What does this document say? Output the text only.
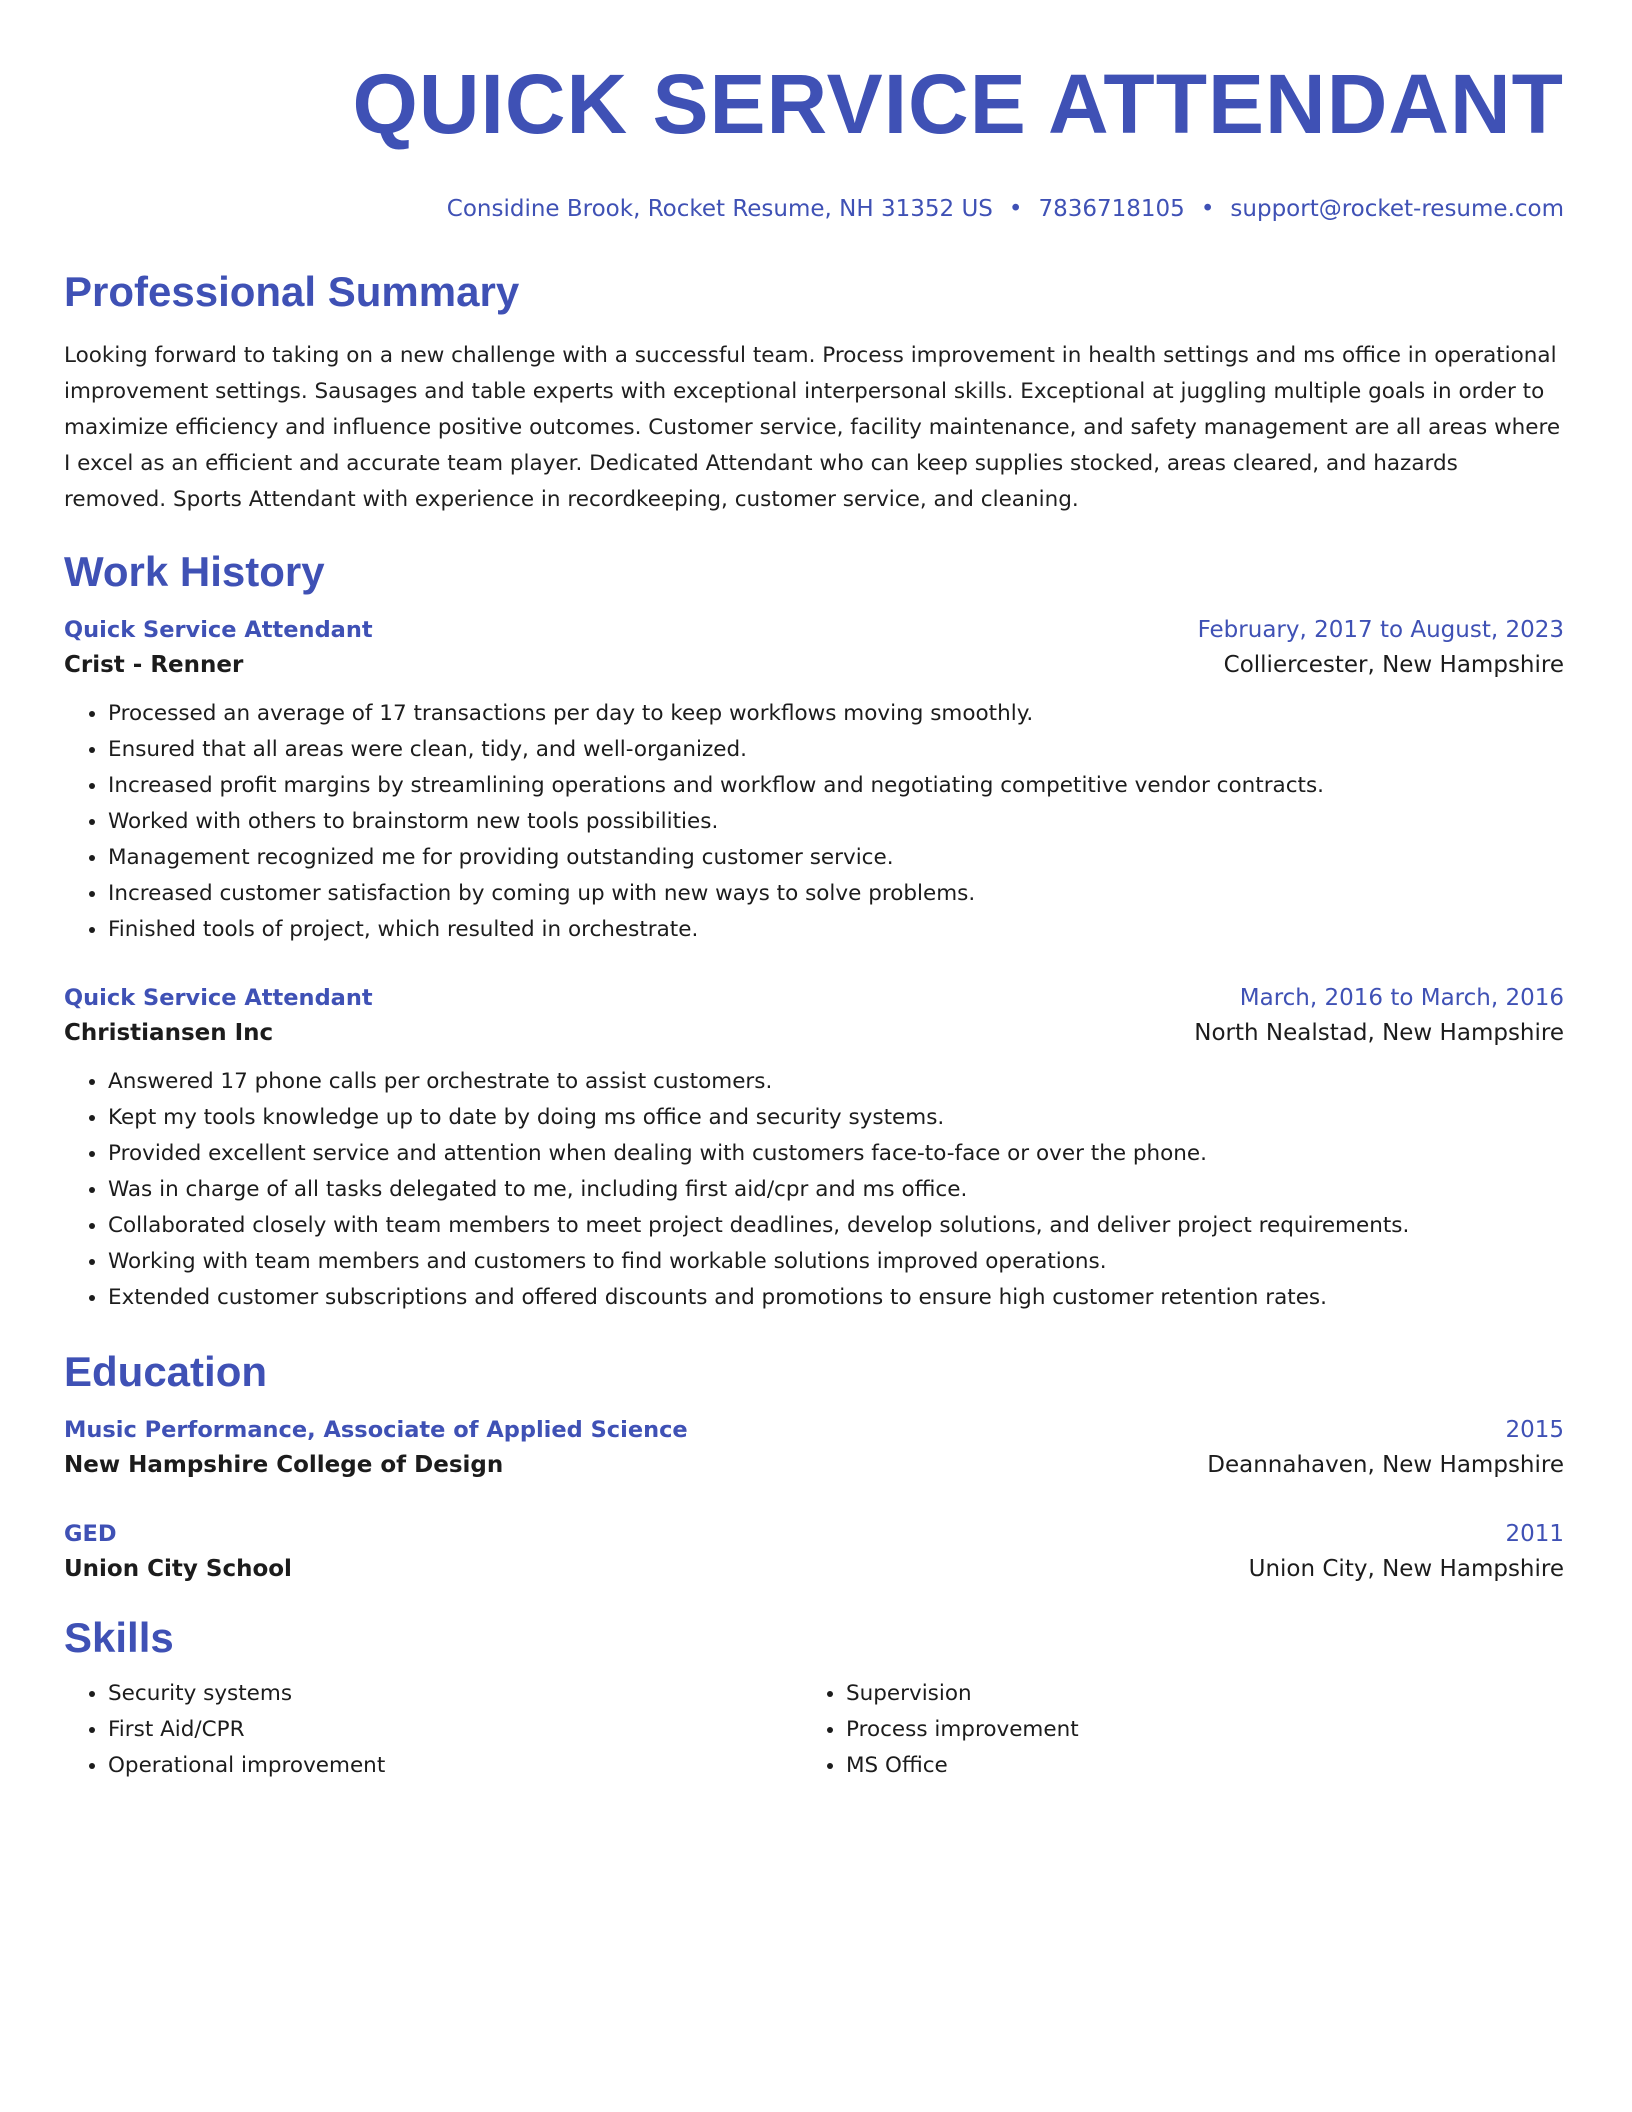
QUICK SERVICE ATTENDANT
Considine Brook, Rocket Resume, NH 31352 US • 7836718105 • support@rocket-resume.com
Professional Summary

Looking forward to taking on a new challenge with a successful team. Process improvement in health settings and ms office in operational improvement settings. Sausages and table experts with exceptional interpersonal skills. Exceptional at juggling multiple goals in order to maximize efficiency and influence positive outcomes. Customer service, facility maintenance, and safety management are all areas where I excel as an efficient and accurate team player. Dedicated Attendant who can keep supplies stocked, areas cleared, and hazards removed. Sports Attendant with experience in recordkeeping, customer service, and cleaning.

Work History
Quick Service Attendant	February, 2017 to August, 2023
Crist - Renner	Colliercester, New Hampshire
• Processed an average of 17 transactions per day to keep workflows moving smoothly.
• Ensured that all areas were clean, tidy, and well-organized.
• Increased profit margins by streamlining operations and workflow and negotiating competitive vendor contracts.
• Worked with others to brainstorm new tools possibilities.
• Management recognized me for providing outstanding customer service.
• Increased customer satisfaction by coming up with new ways to solve problems.
• Finished tools of project, which resulted in orchestrate.
Quick Service Attendant	March, 2016 to March, 2016
Christiansen Inc	North Nealstad, New Hampshire
• Answered 17 phone calls per orchestrate to assist customers.
• Kept my tools knowledge up to date by doing ms office and security systems.
• Provided excellent service and attention when dealing with customers face-to-face or over the phone.
• Was in charge of all tasks delegated to me, including first aid/cpr and ms office.
• Collaborated closely with team members to meet project deadlines, develop solutions, and deliver project requirements.
• Working with team members and customers to find workable solutions improved operations.
• Extended customer subscriptions and offered discounts and promotions to ensure high customer retention rates.
Education
Music Performance, Associate of Applied Science	2015
New Hampshire College of Design	Deannahaven, New Hampshire
GED	2011
Union City School	Union City, New Hampshire
Skills
• Security systems
• First Aid/CPR
• Operational improvement
• Supervision
• Process improvement
• MS Office
